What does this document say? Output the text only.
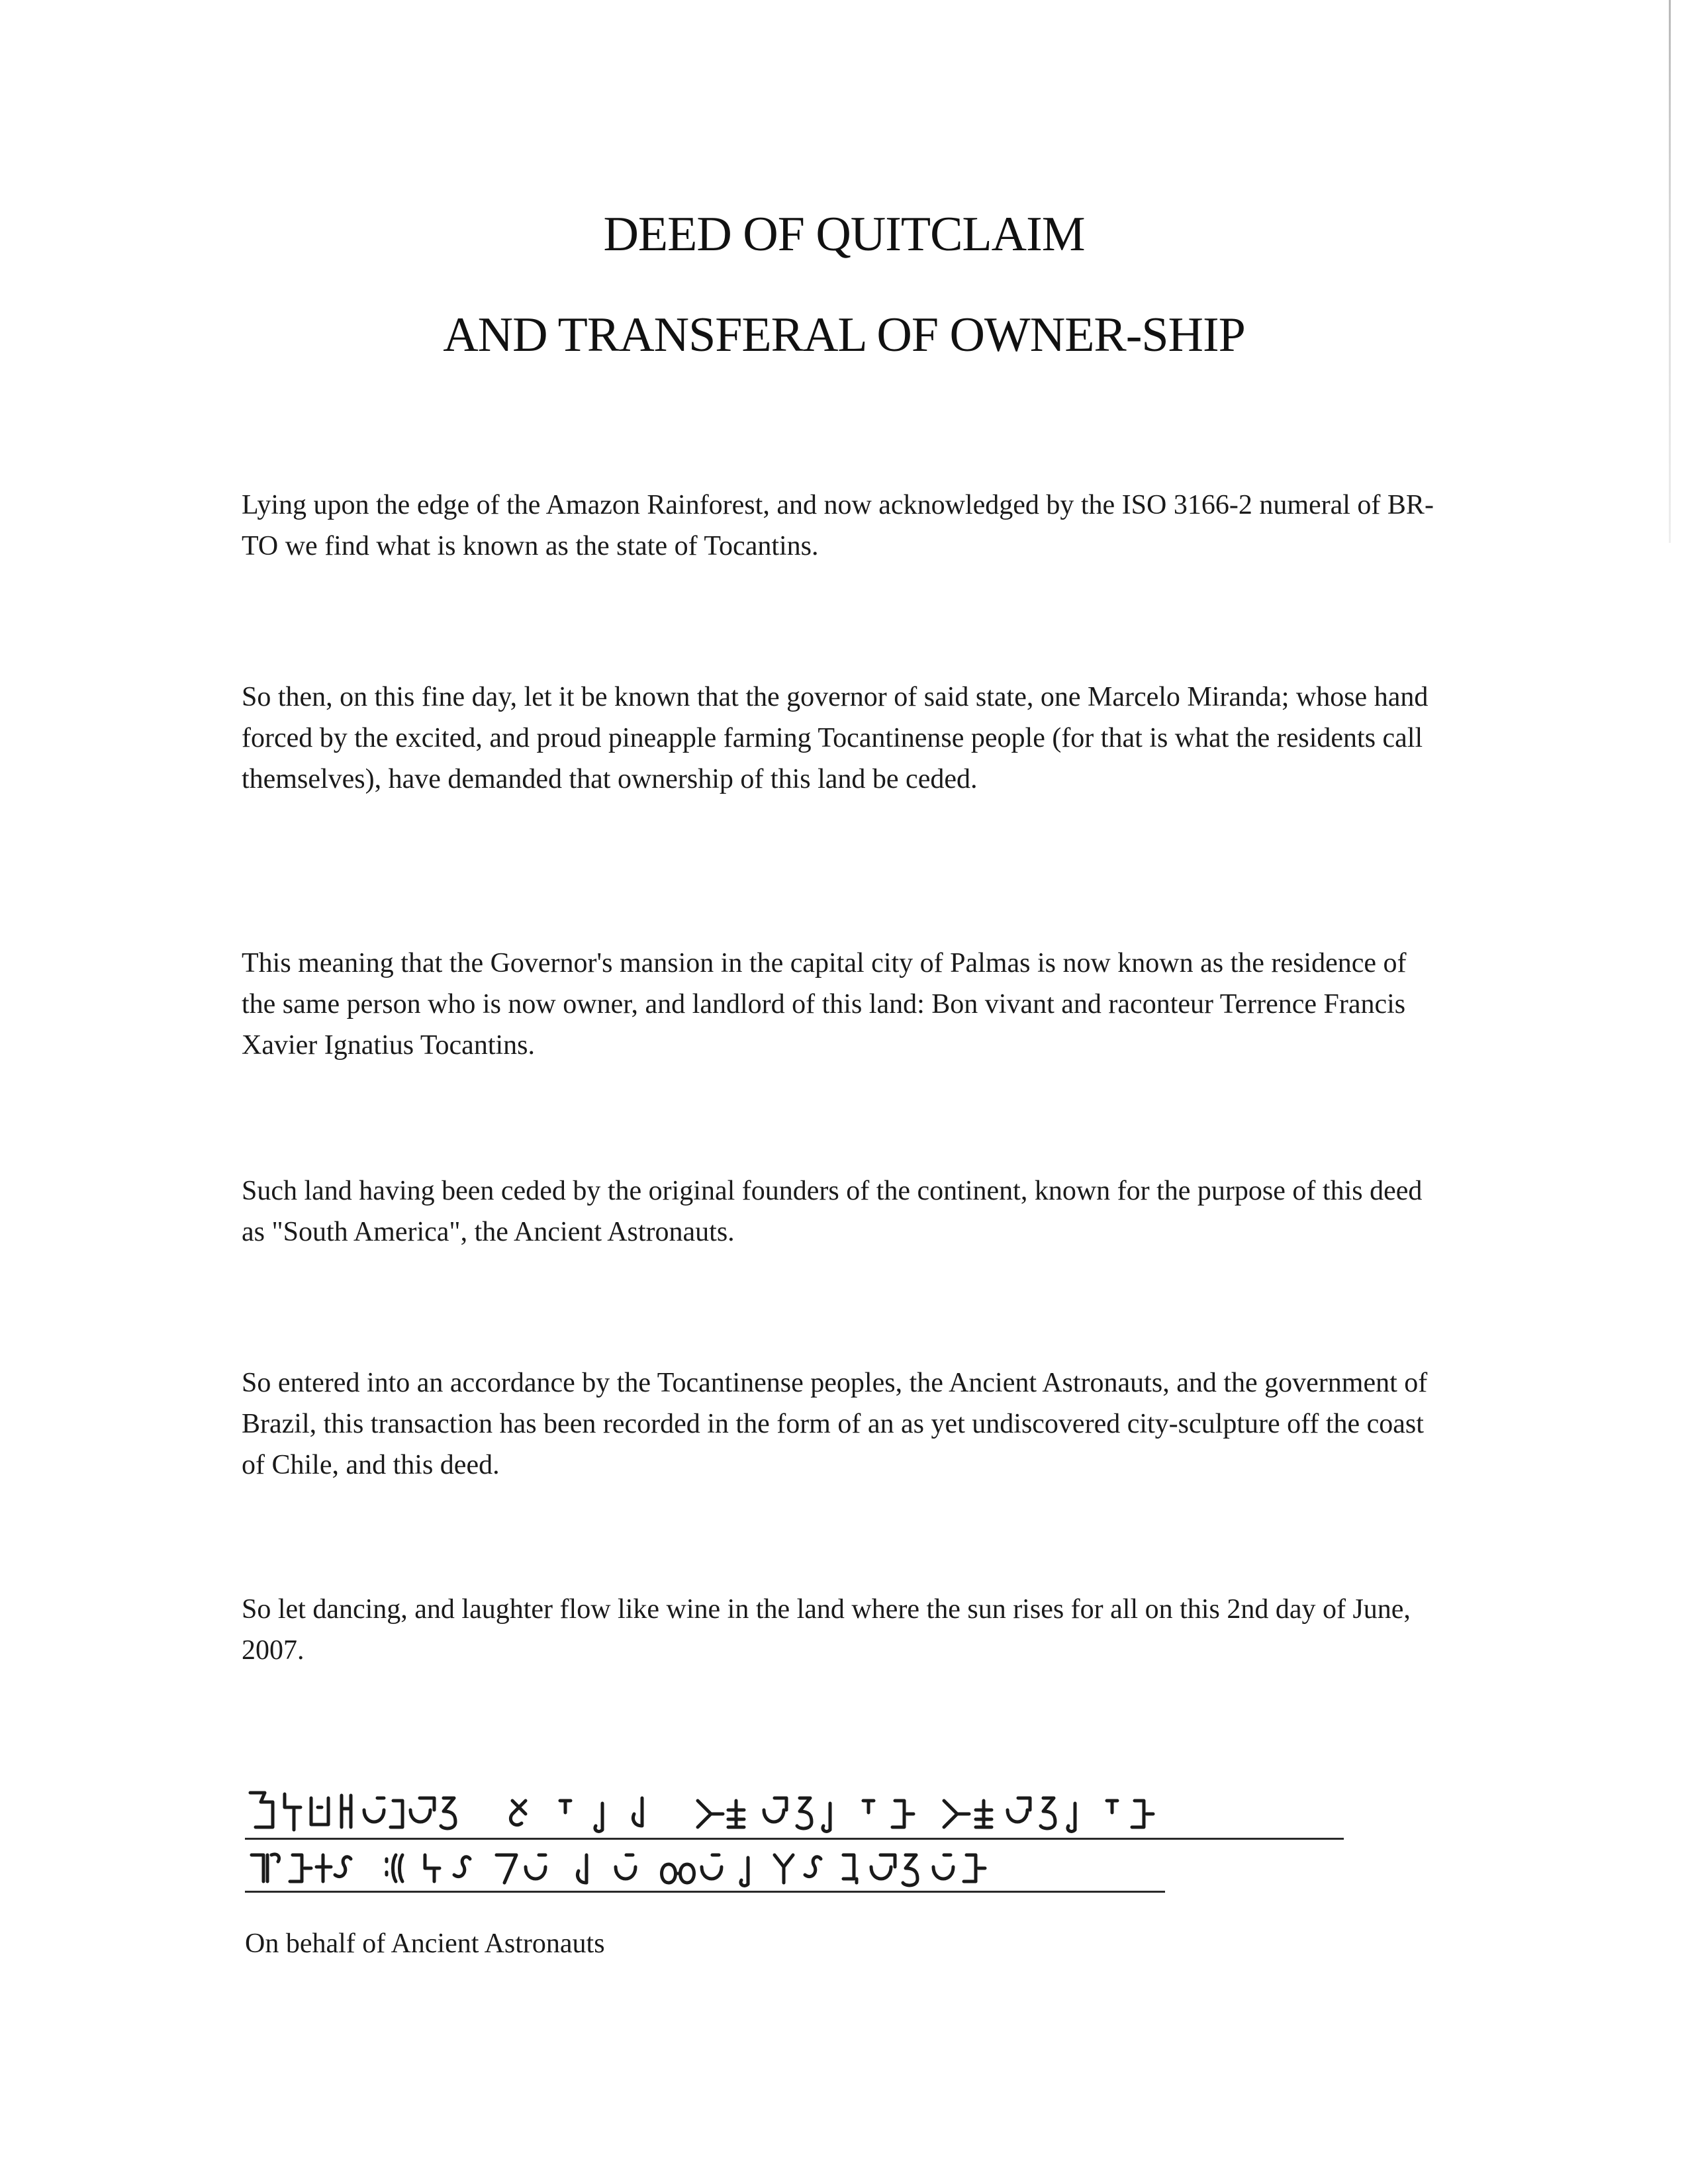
DEED OF QUITCLAIM
AND TRANSFERAL OF OWNER-SHIP

Lying upon the edge of the Amazon Rainforest, and now acknowledged by the ISO 3166-2 numeral of BR-TO we find what is known as the state of Tocantins.

So then, on this fine day, let it be known that the governor of said state, one Marcelo Miranda; whose hand forced by the excited, and proud pineapple farming Tocantinense people (for that is what the residents call themselves), have demanded that ownership of this land be ceded.

This meaning that the Governor's mansion in the capital city of Palmas is now known as the residence of the same person who is now owner, and landlord of this land: Bon vivant and raconteur Terrence Francis Xavier Ignatius Tocantins.

Such land having been ceded by the original founders of the continent, known for the purpose of this deed as "South America", the Ancient Astronauts.

So entered into an accordance by the Tocantinense peoples, the Ancient Astronauts, and the government of Brazil, this transaction has been recorded in the form of an as yet undiscovered city-sculpture off the coast of Chile, and this deed.

So let dancing, and laughter flow like wine in the land where the sun rises for all on this 2nd day of June, 2007.

On behalf of Ancient Astronauts
